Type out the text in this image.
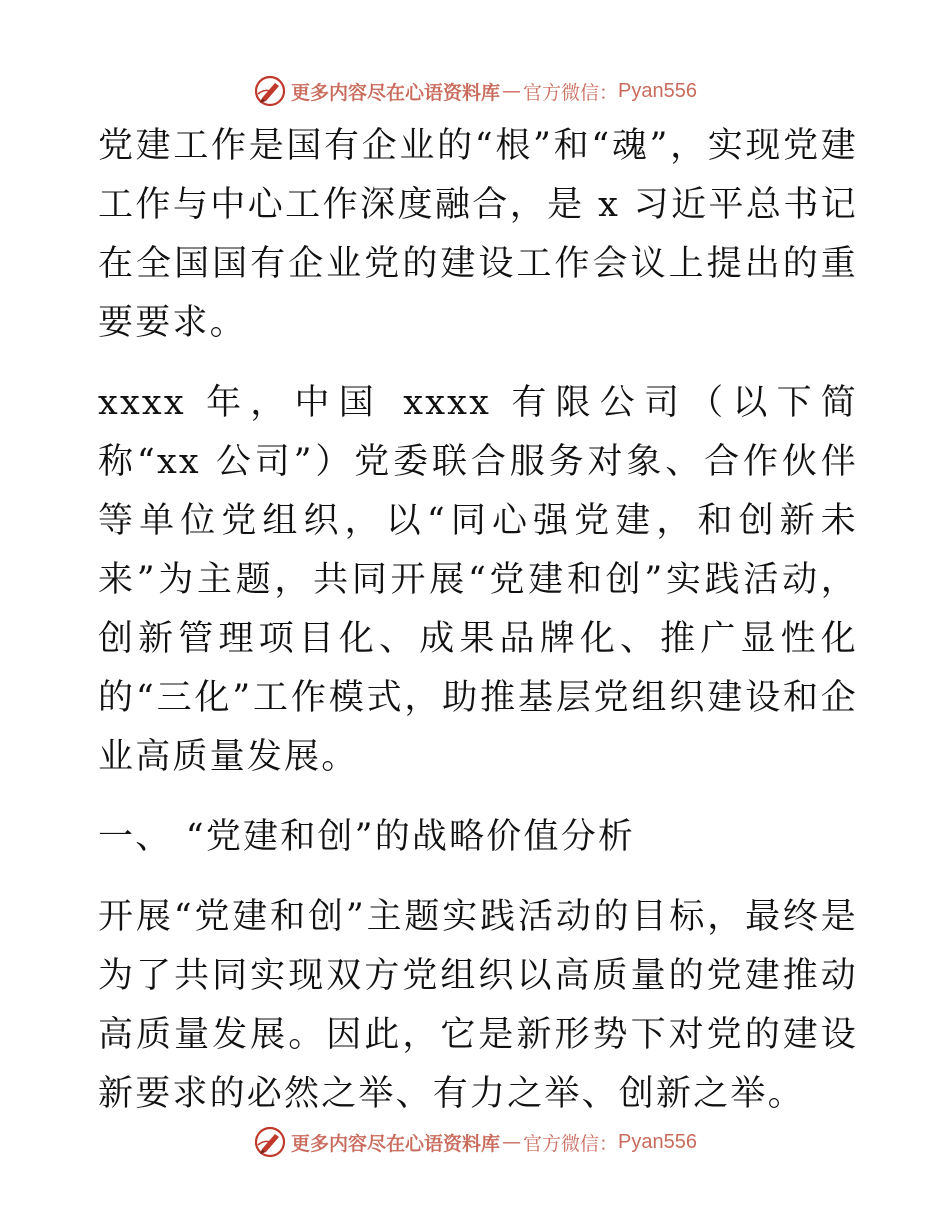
更多内容尽在心语资料库 — 官方微信： Pyan556

党建工作是国有企业的“根”和“魂”，实现党建工作与中心工作深度融合，是 x 习近平总书记在全国国有企业党的建设工作会议上提出的重要要求。

xxxx 年，中国 xxxx 有限公司（以下简称“xx 公司”）党委联合服务对象、合作伙伴等单位党组织，以“同心强党建，和创新未来”为主题，共同开展“党建和创”实践活动，创新管理项目化、成果品牌化、推广显性化的“三化”工作模式，助推基层党组织建设和企业高质量发展。

一、 “党建和创”的战略价值分析

开展“党建和创”主题实践活动的目标，最终是为了共同实现双方党组织以高质量的党建推动高质量发展。因此，它是新形势下对党的建设新要求的必然之举、有力之举、创新之举。

更多内容尽在心语资料库 — 官方微信： Pyan556
